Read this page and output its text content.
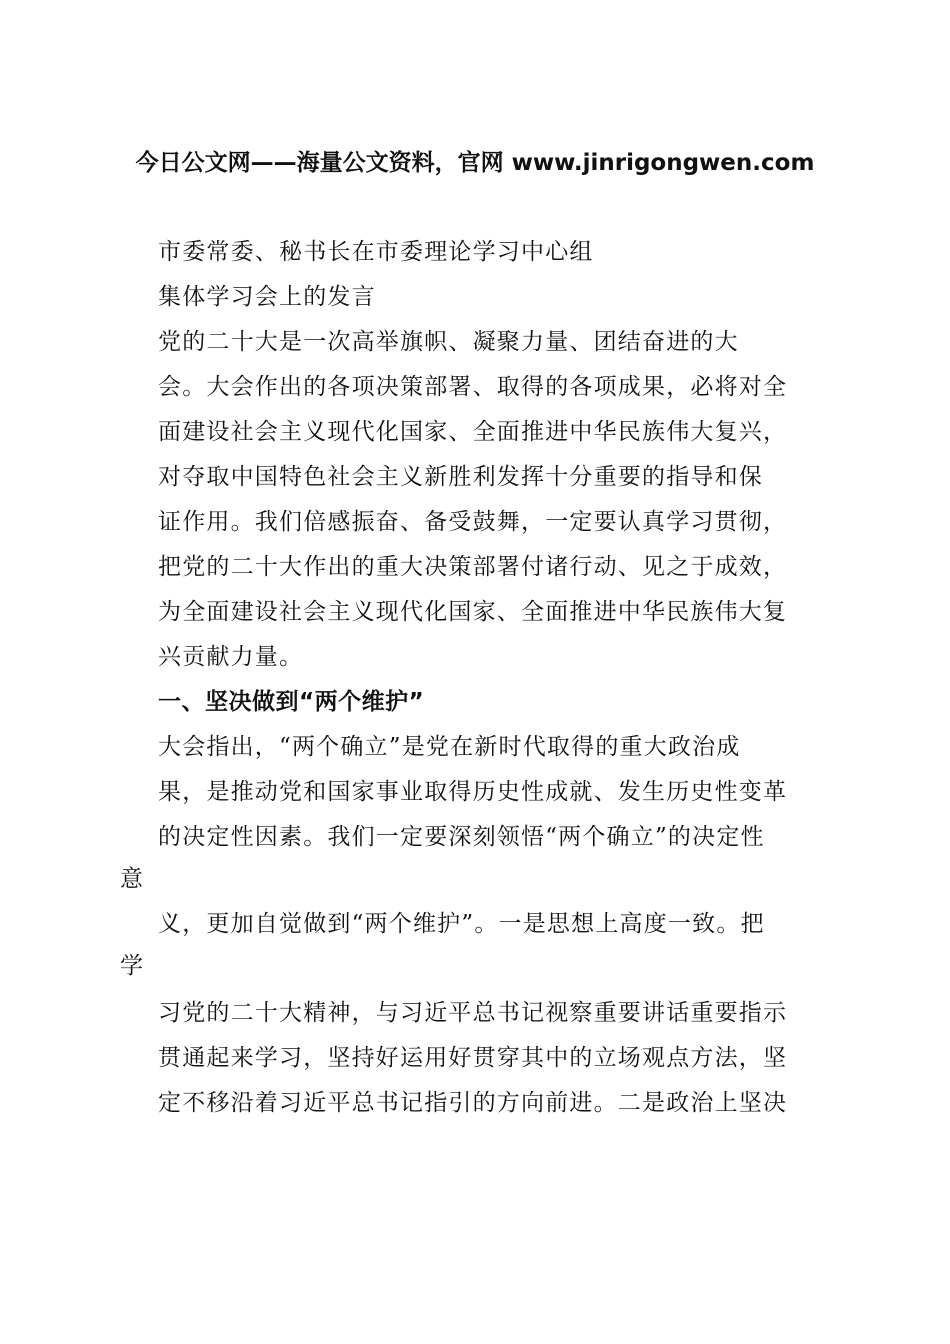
今日公文网——海量公文资料，官网 www.jinrigongwen.com
市委常委、秘书长在市委理论学习中心组
集体学习会上的发言
党的二十大是一次高举旗帜、凝聚力量、团结奋进的大
会。大会作出的各项决策部署、取得的各项成果，必将对全
面建设社会主义现代化国家、全面推进中华民族伟大复兴，
对夺取中国特色社会主义新胜利发挥十分重要的指导和保
证作用。我们倍感振奋、备受鼓舞，一定要认真学习贯彻，
把党的二十大作出的重大决策部署付诸行动、见之于成效，
为全面建设社会主义现代化国家、全面推进中华民族伟大复
兴贡献力量。
一、坚决做到“两个维护”
大会指出，“两个确立”是党在新时代取得的重大政治成
果，是推动党和国家事业取得历史性成就、发生历史性变革
的决定性因素。我们一定要深刻领悟“两个确立”的决定性
意
义，更加自觉做到“两个维护”。一是思想上高度一致。把
学
习党的二十大精神，与习近平总书记视察重要讲话重要指示
贯通起来学习，坚持好运用好贯穿其中的立场观点方法，坚
定不移沿着习近平总书记指引的方向前进。二是政治上坚决
